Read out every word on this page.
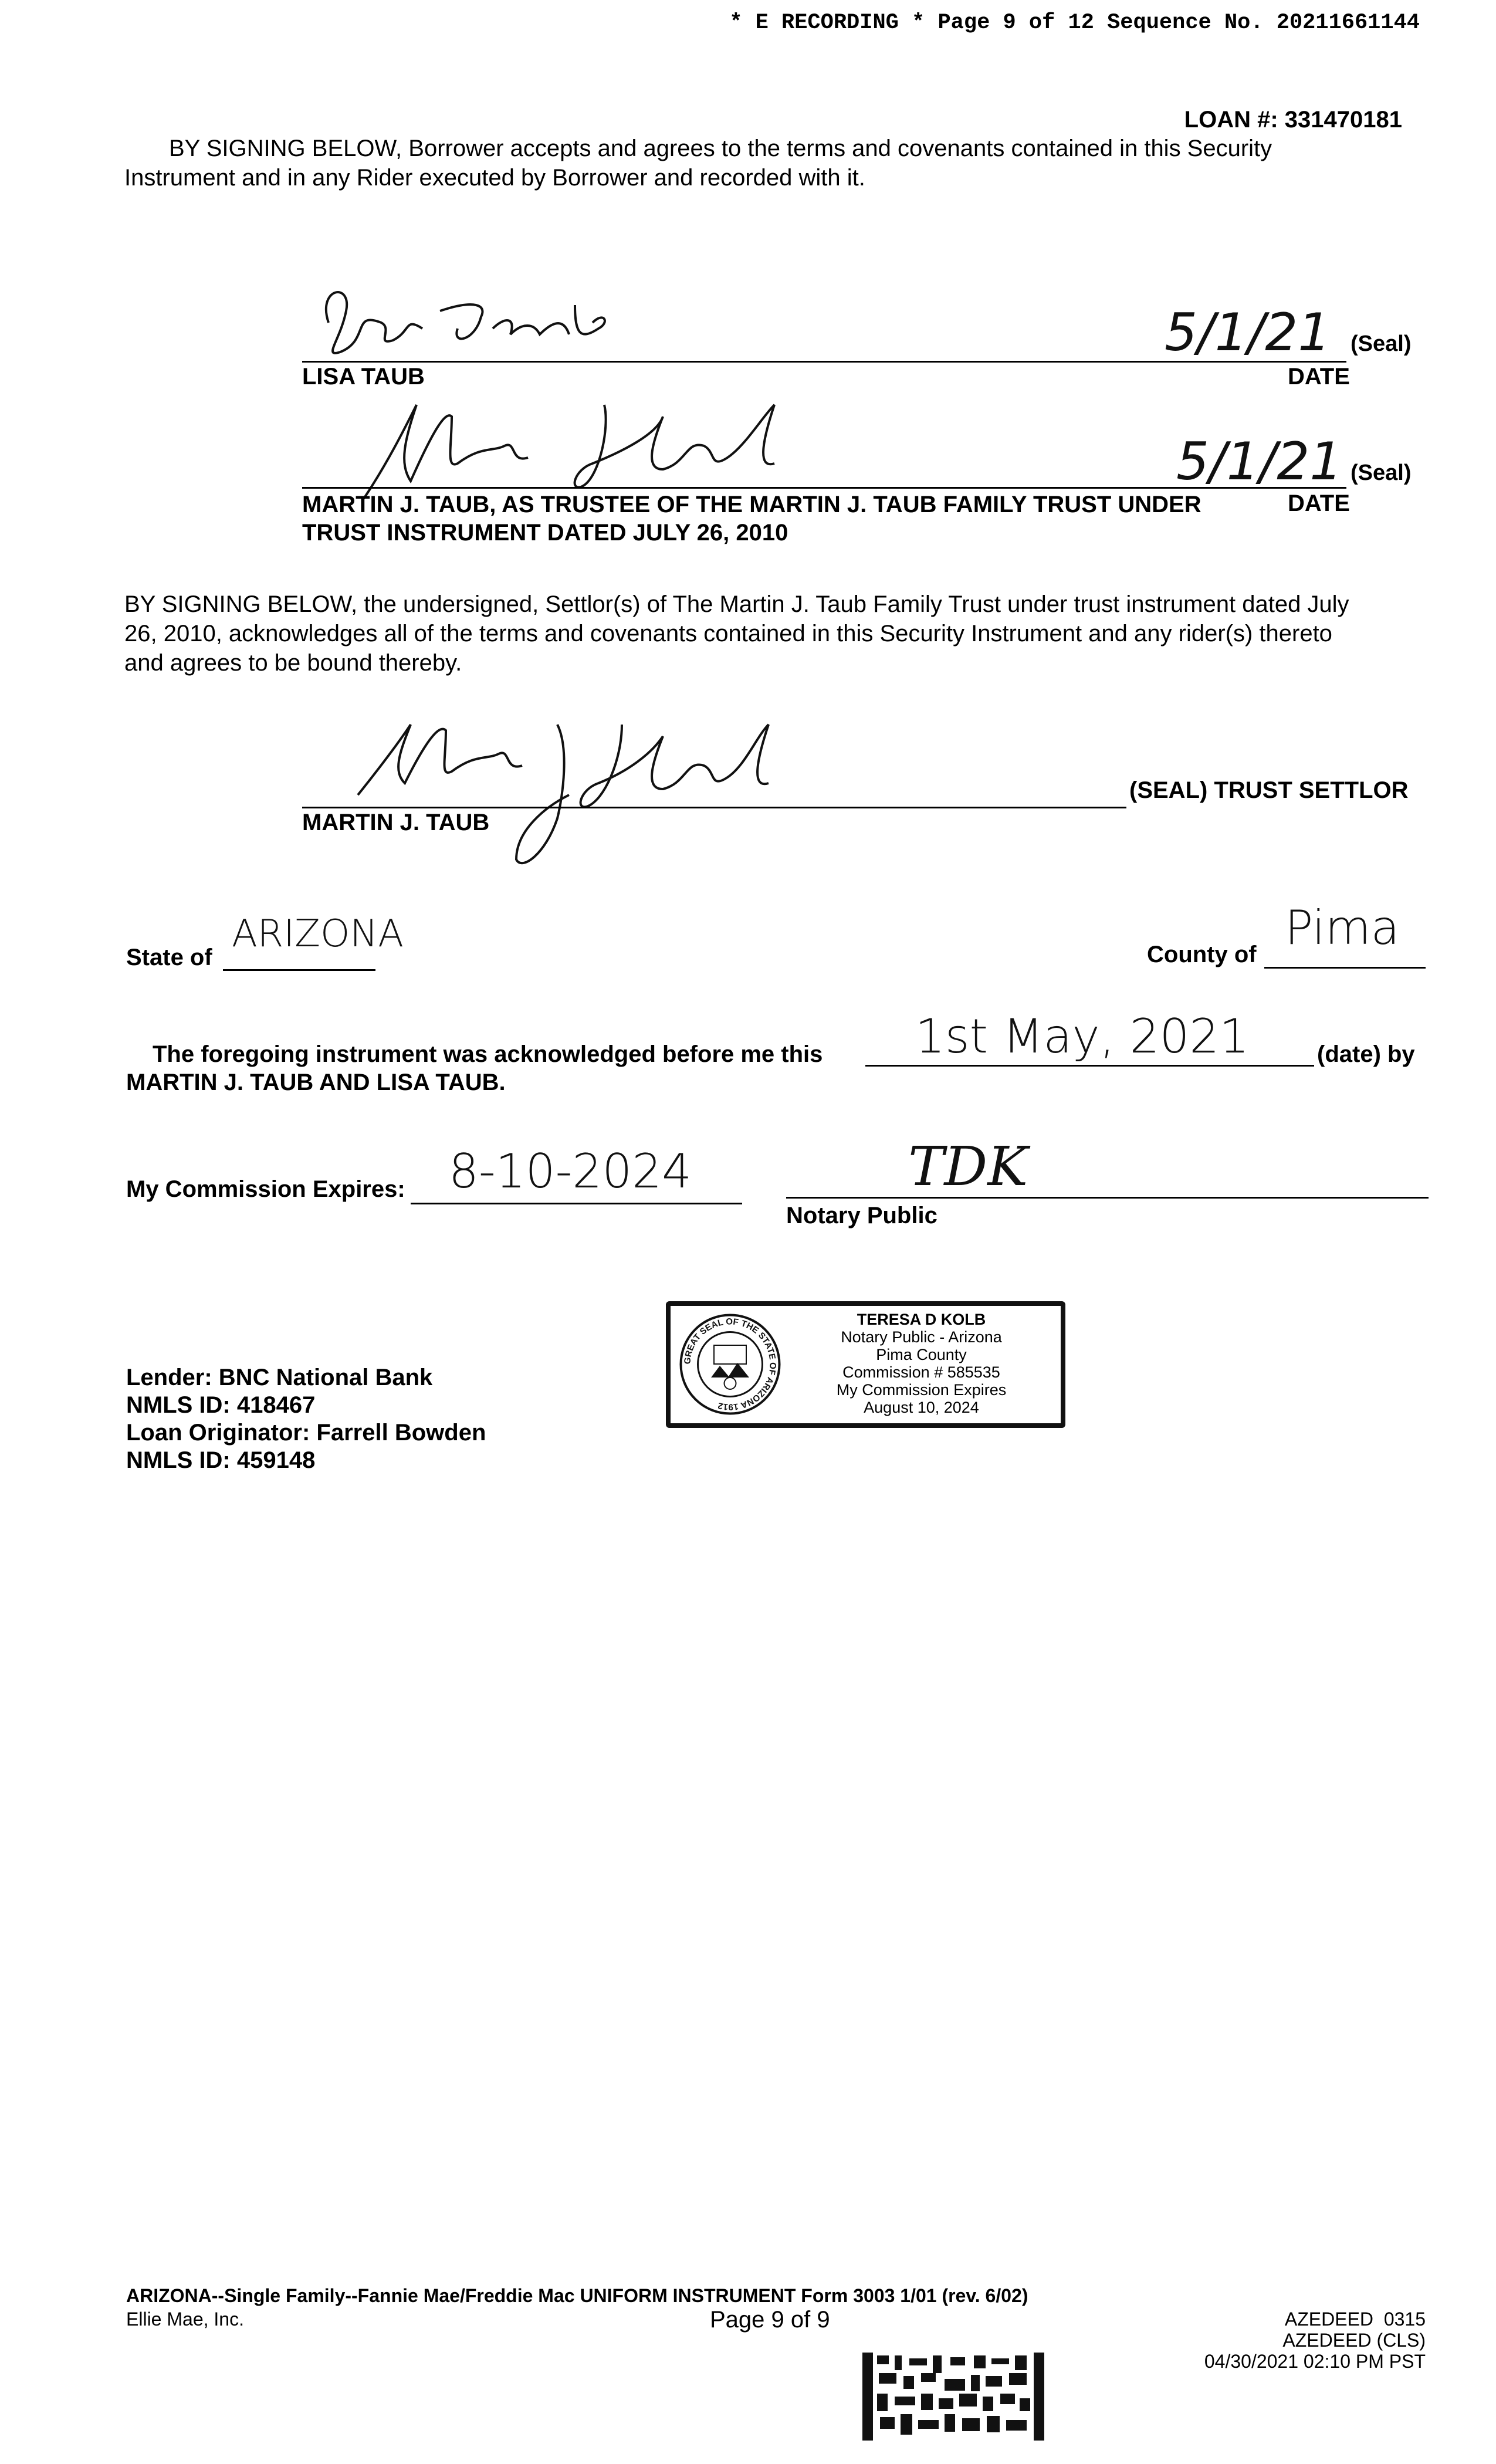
* E RECORDING * Page 9 of 12 Sequence No. 20211661144
LOAN #: 331470181
BY SIGNING BELOW, Borrower accepts and agrees to the terms and covenants contained in this Security
Instrument and in any Rider executed by Borrower and recorded with it.
5/1/21 (Seal)
LISA TAUB	DATE
5/1/21 (Seal)
MARTIN J. TAUB, AS TRUSTEE OF THE MARTIN J. TAUB FAMILY TRUST UNDER
TRUST INSTRUMENT DATED JULY 26, 2010
DATE
BY SIGNING BELOW, the undersigned, Settlor(s) of The Martin J. Taub Family Trust under trust instrument dated July
26, 2010, acknowledges all of the terms and covenants contained in this Security Instrument and any rider(s) thereto
and agrees to be bound thereby.
MARTIN J. TAUB
(SEAL) TRUST SETTLOR
State of
ARIZONA	County of Pima
The foregoing instrument was acknowledged before me this 1st May, 2021	(date) by
MARTIN J. TAUB AND LISA TAUB.
My Commission Expires: 8-10-2024	TDK
Notary Public
GREAT SEAL OF THE STATE OF ARIZONA 1912
TERESA D KOLB
Notary Public - Arizona
Pima County
Commission # 585535
My Commission Expires
August 10, 2024
Lender: BNC National Bank
NMLS ID: 418467
Loan Originator: Farrell Bowden
NMLS ID: 459148
ARIZONA--Single Family--Fannie Mae/Freddie Mac UNIFORM INSTRUMENT Form 3003 1/01 (rev. 6/02)
Ellie Mae, Inc.	Page 9 of 9	AZEDEED  0315
AZEDEED (CLS)
04/30/2021 02:10 PM PST
